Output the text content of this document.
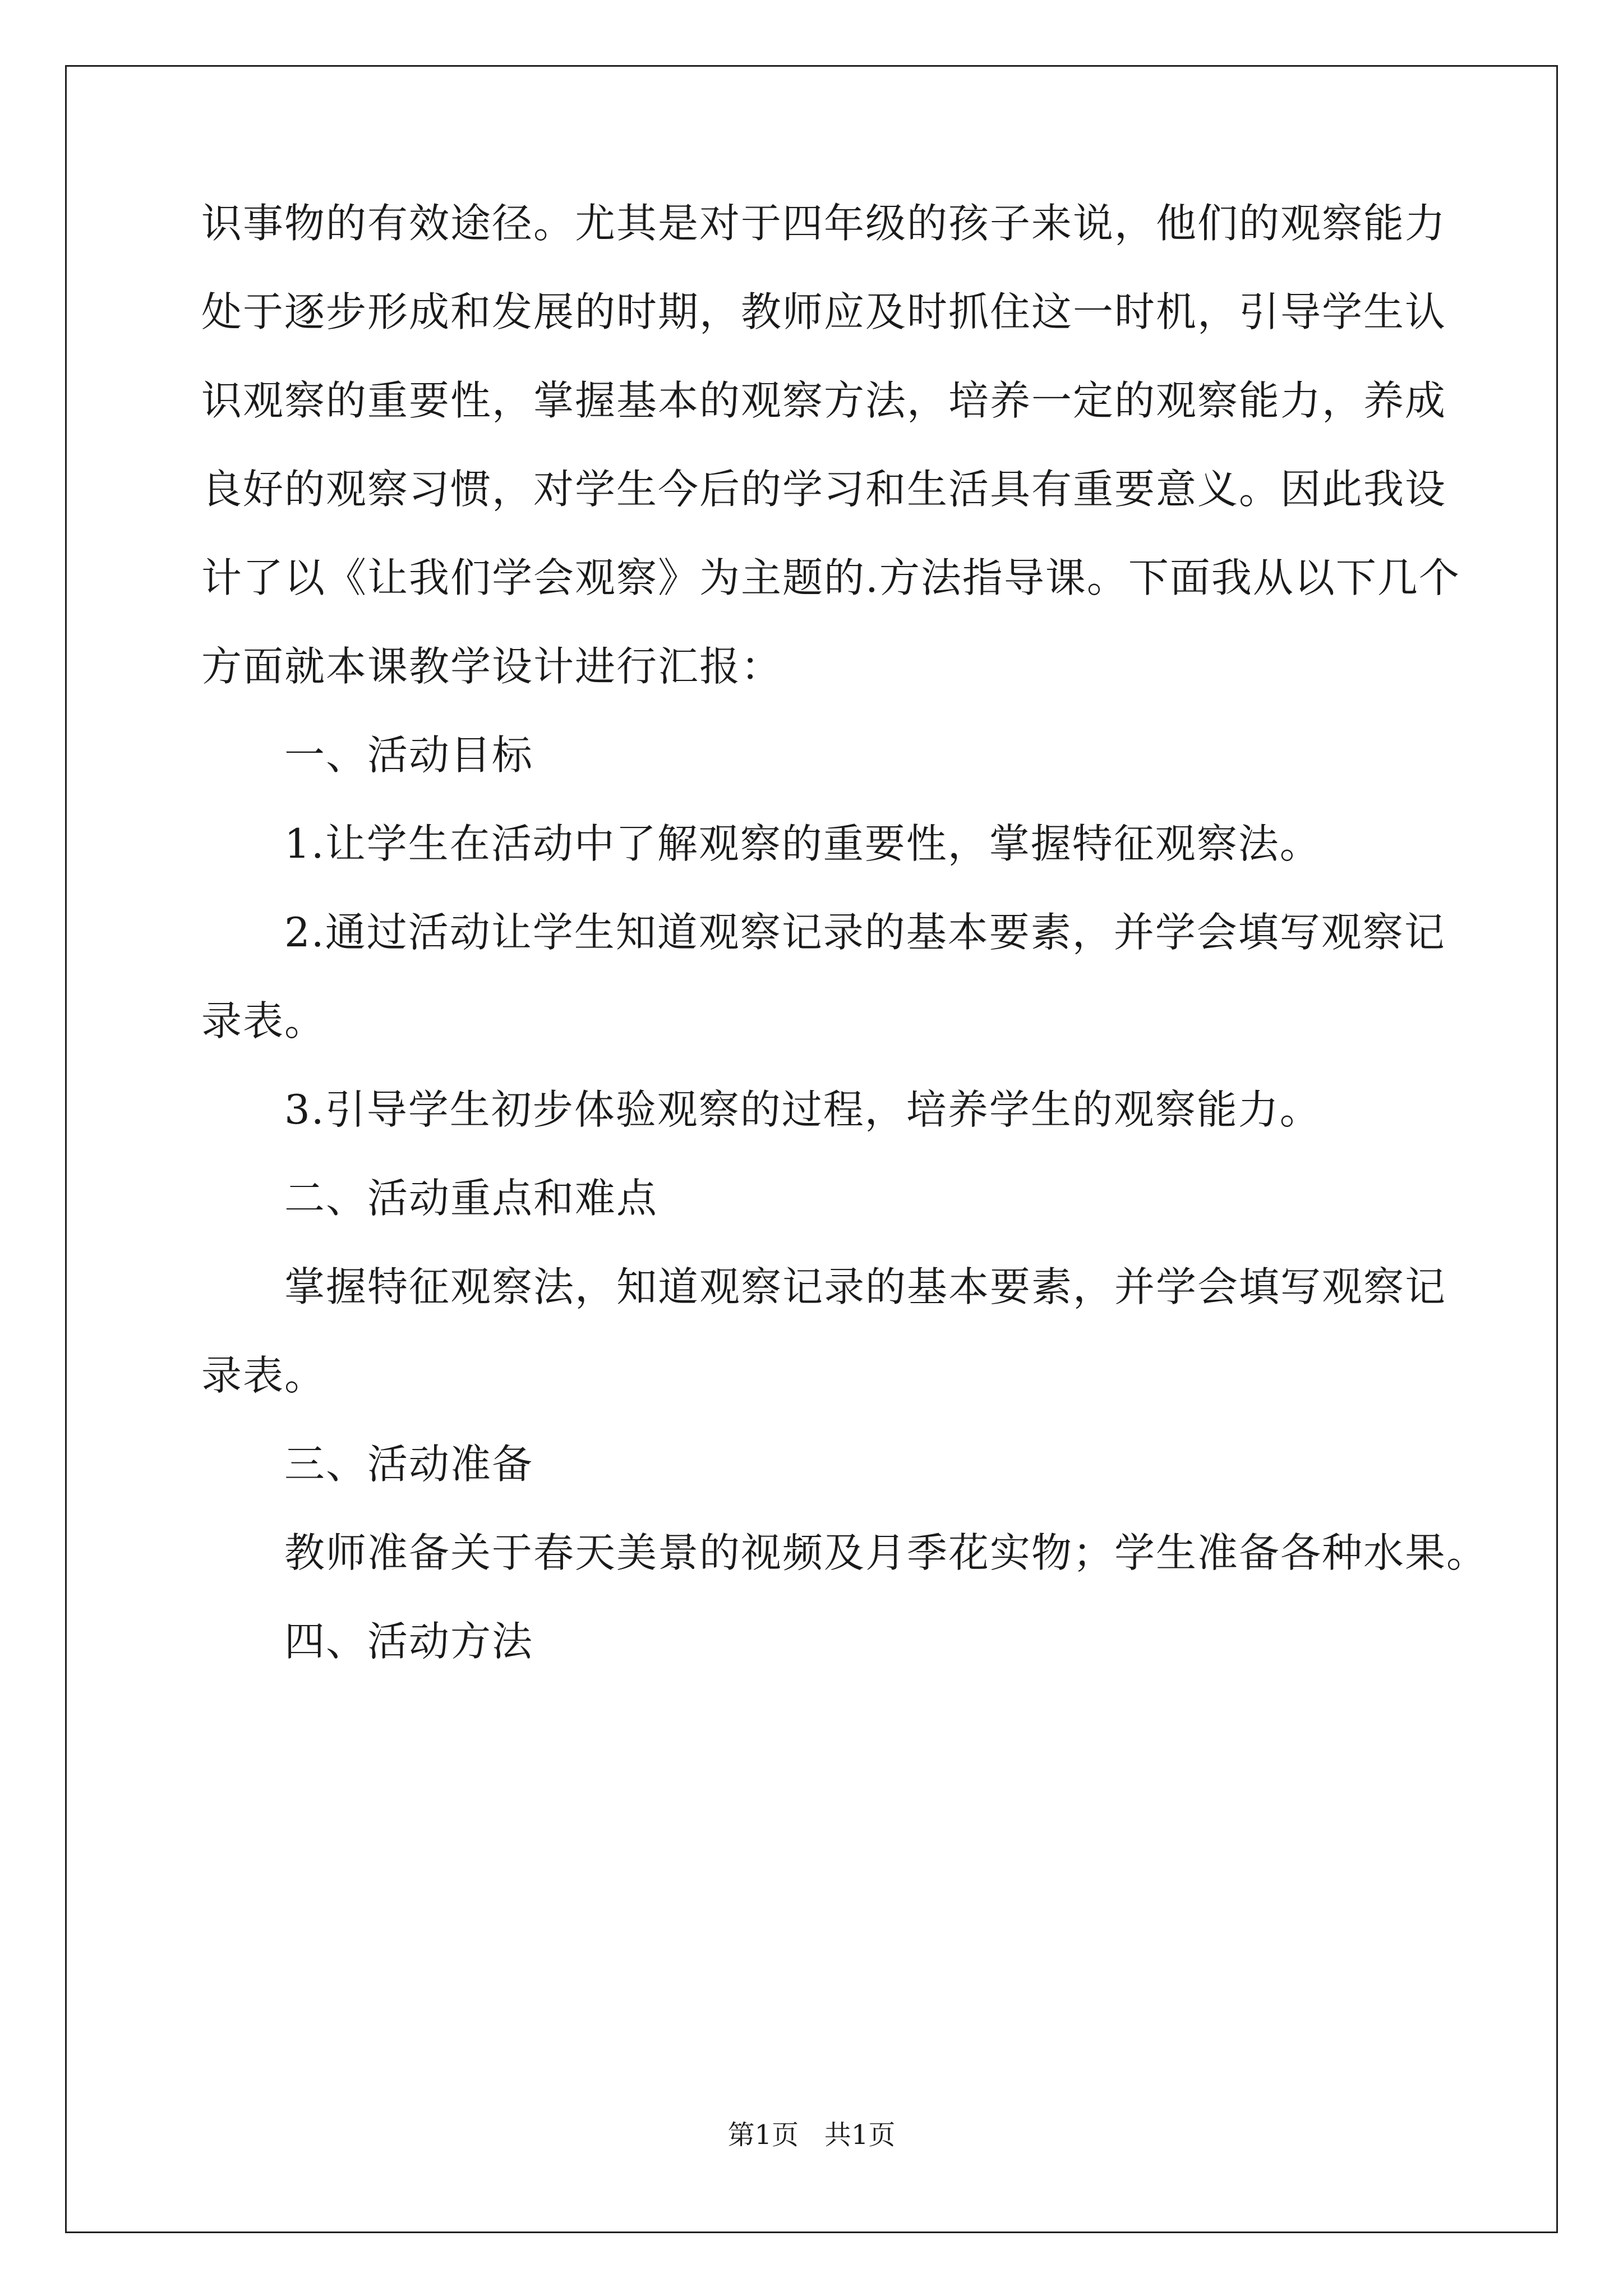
识事物的有效途径。尤其是对于四年级的孩子来说，他们的观察能力
处于逐步形成和发展的时期，教师应及时抓住这一时机，引导学生认
识观察的重要性，掌握基本的观察方法，培养一定的观察能力，养成
良好的观察习惯，对学生今后的学习和生活具有重要意义。因此我设
计了以《让我们学会观察》为主题的.方法指导课。下面我从以下几个
方面就本课教学设计进行汇报：
一、活动目标
1.让学生在活动中了解观察的重要性，掌握特征观察法。
2.通过活动让学生知道观察记录的基本要素，并学会填写观察记
录表。
3.引导学生初步体验观察的过程，培养学生的观察能力。
二、活动重点和难点
掌握特征观察法，知道观察记录的基本要素，并学会填写观察记
录表。
三、活动准备
教师准备关于春天美景的视频及月季花实物；学生准备各种水果。
四、活动方法
第1页   共1页
